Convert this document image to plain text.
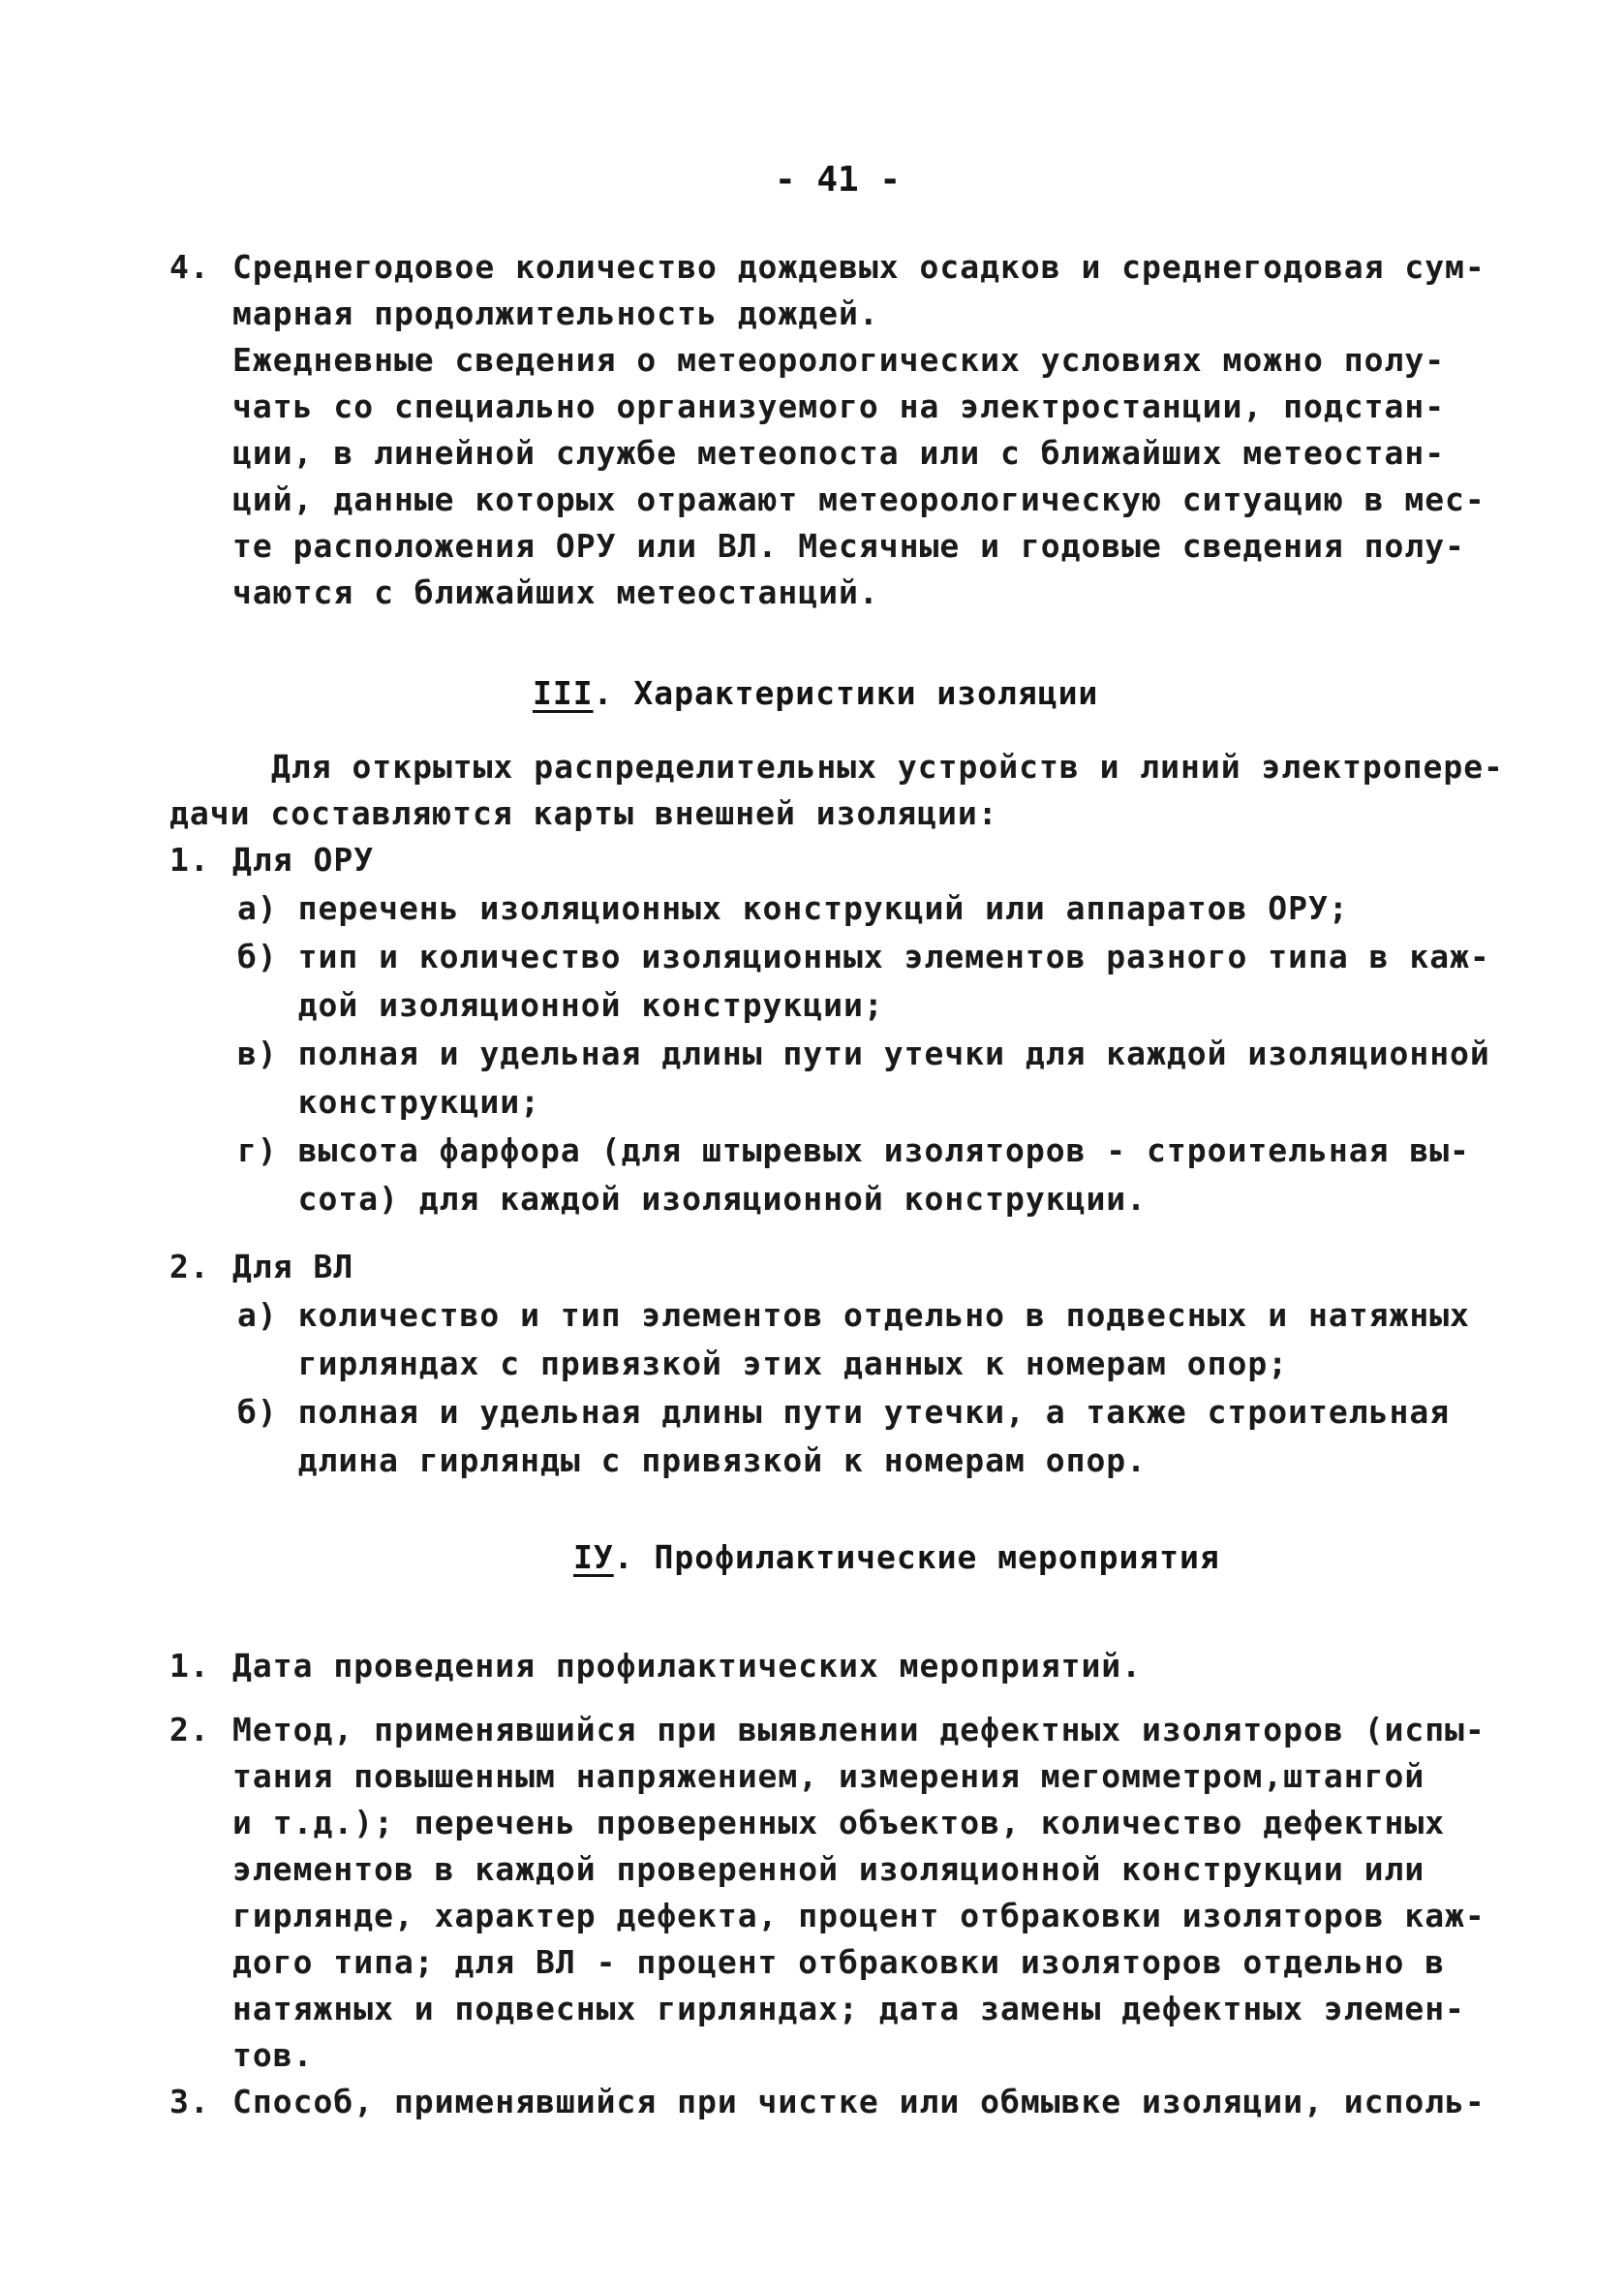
- 41 -
4. Среднегодовое количество дождевых осадков и среднегодовая сум-
марная продолжительность дождей.
Ежедневные сведения о метеорологических условиях можно полу-
чать со специально организуемого на электростанции, подстан-
ции, в линейной службе метеопоста или с ближайших метеостан-
ций, данные которых отражают метеорологическую ситуацию в мес-
те расположения ОРУ или ВЛ. Месячные и годовые сведения полу-
чаются с ближайших метеостанций.
III. Характеристики изоляции
Для открытых распределительных устройств и линий электропере-
дачи составляются карты внешней изоляции:
1. Для ОРУ
а) перечень изоляционных конструкций или аппаратов ОРУ;
б) тип и количество изоляционных элементов разного типа в каж-
дой изоляционной конструкции;
в) полная и удельная длины пути утечки для каждой изоляционной
конструкции;
г) высота фарфора (для штыревых изоляторов - строительная вы-
сота) для каждой изоляционной конструкции.
2. Для ВЛ
а) количество и тип элементов отдельно в подвесных и натяжных
гирляндах с привязкой этих данных к номерам опор;
б) полная и удельная длины пути утечки, а также строительная
длина гирлянды с привязкой к номерам опор.
IУ. Профилактические мероприятия
1. Дата проведения профилактических мероприятий.
2. Метод, применявшийся при выявлении дефектных изоляторов (испы-
тания повышенным напряжением, измерения мегомметром,штангой
и т.д.); перечень проверенных объектов, количество дефектных
элементов в каждой проверенной изоляционной конструкции или
гирлянде, характер дефекта, процент отбраковки изоляторов каж-
дого типа; для ВЛ - процент отбраковки изоляторов отдельно в
натяжных и подвесных гирляндах; дата замены дефектных элемен-
тов.
3. Способ, применявшийся при чистке или обмывке изоляции, исполь-
